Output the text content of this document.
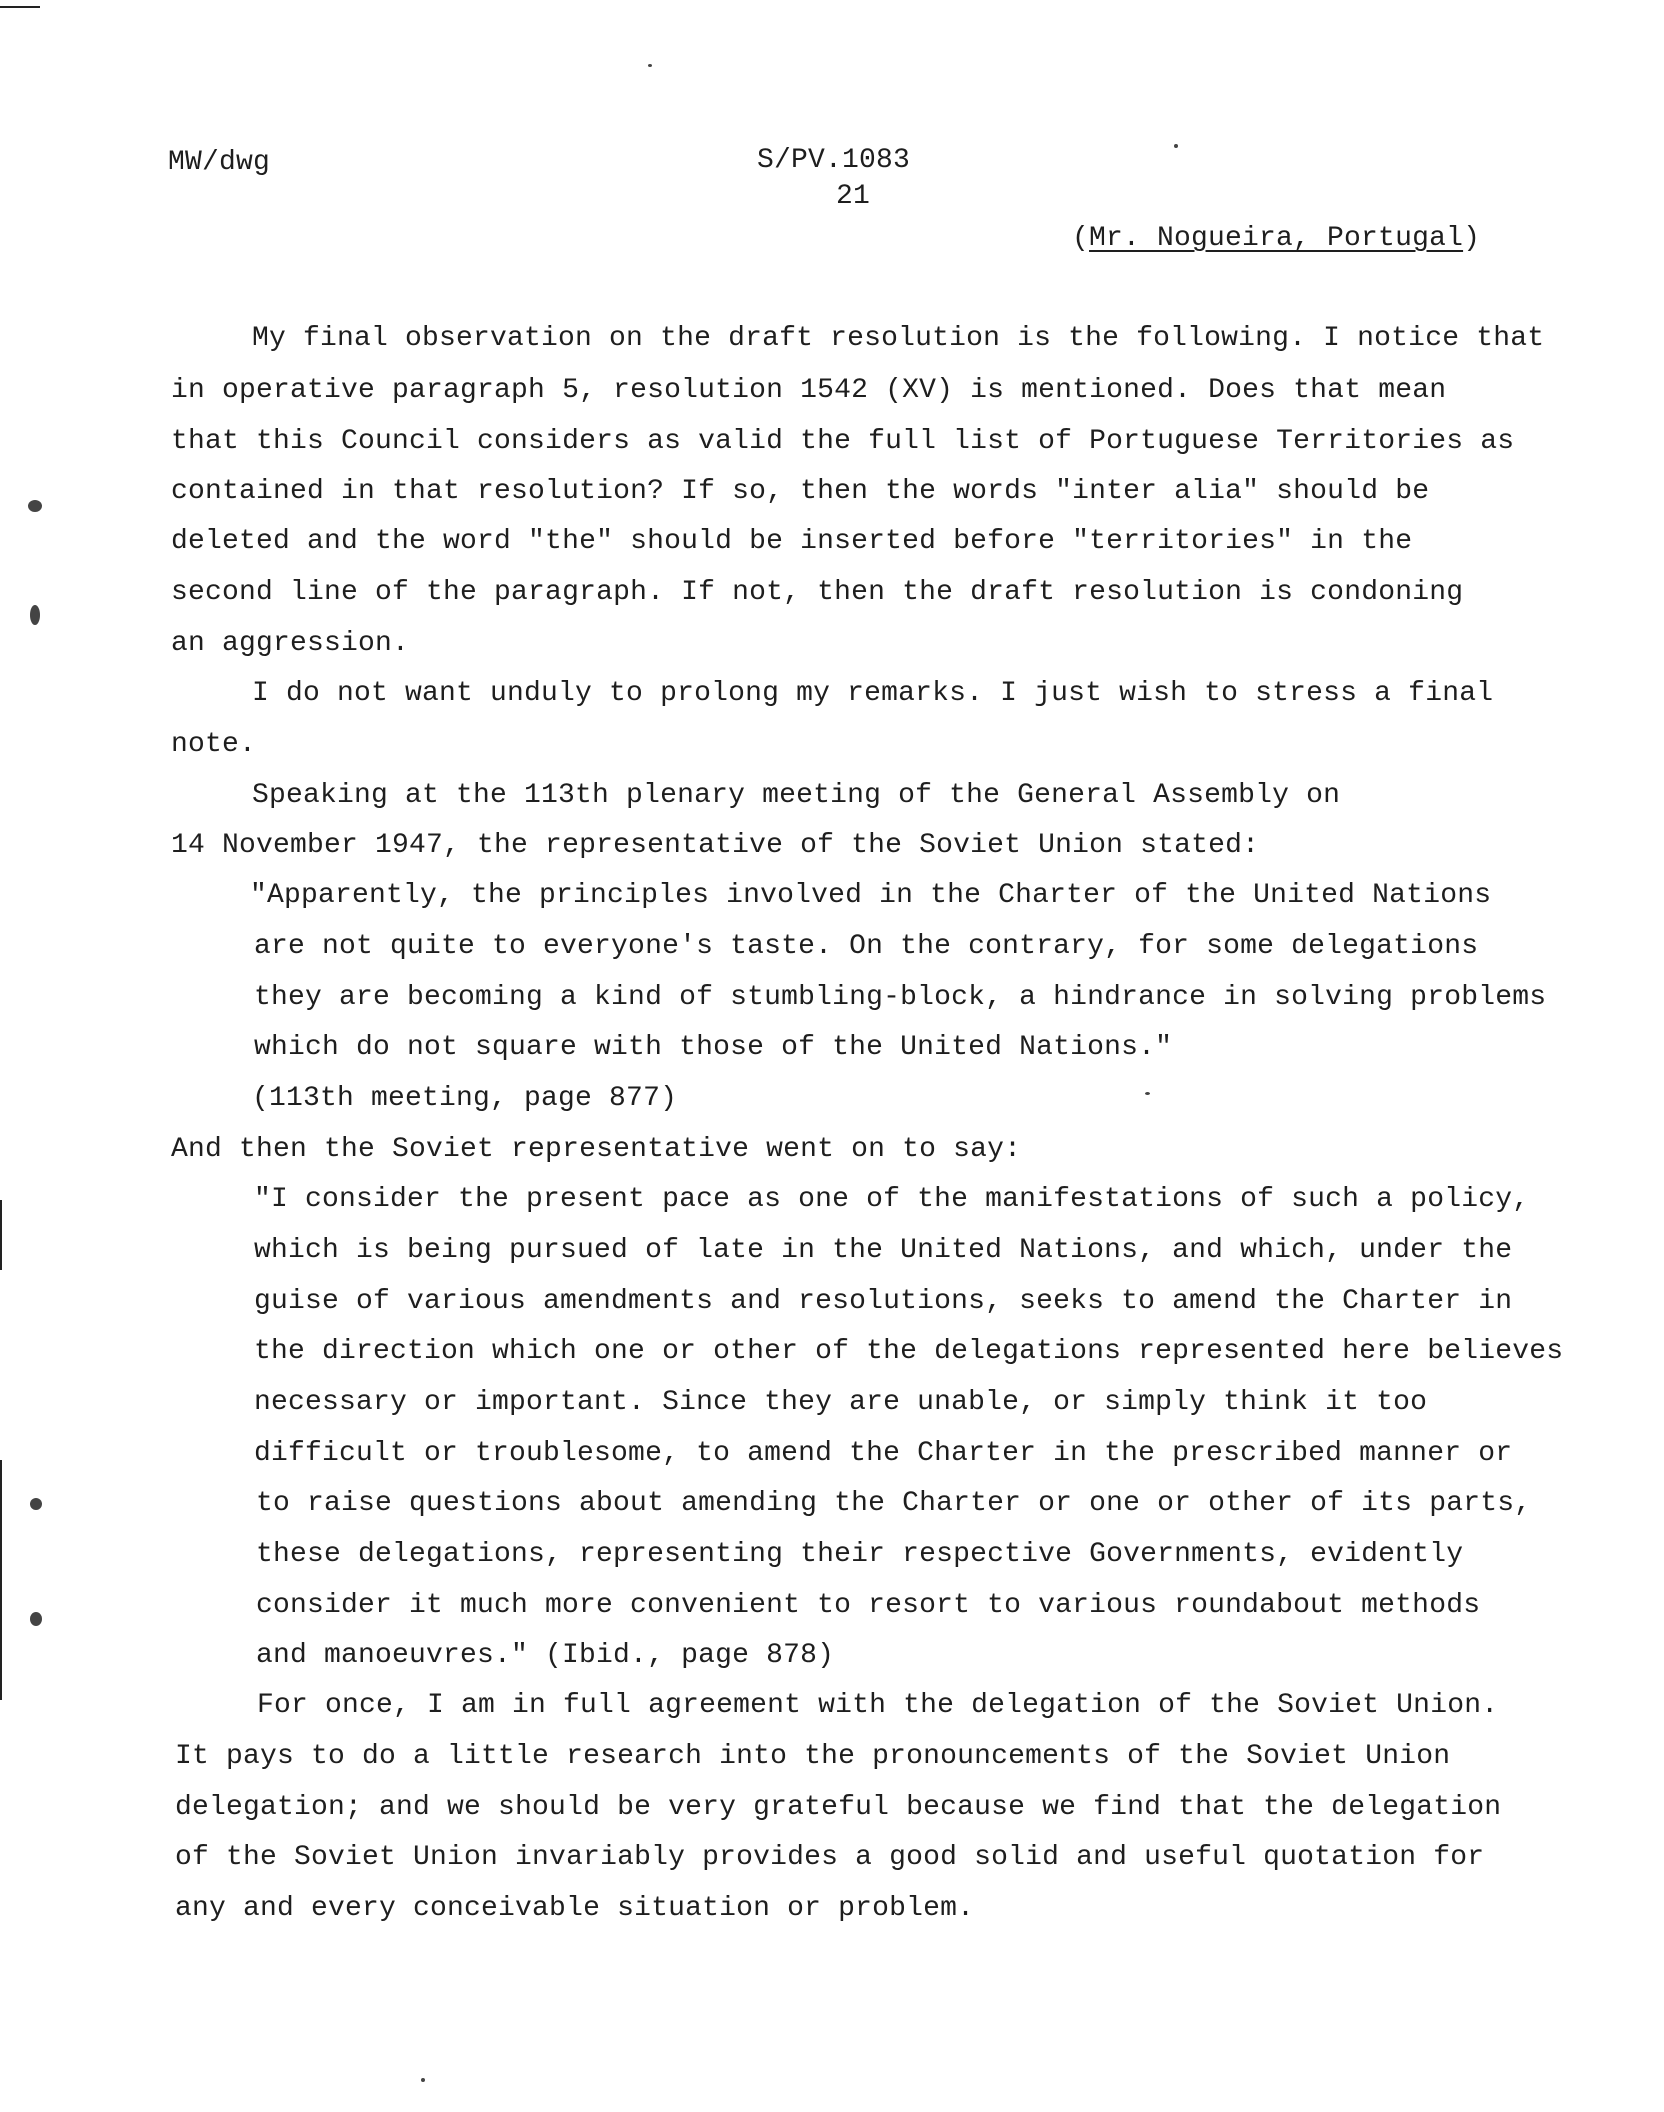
MW/dwg	S/PV.1083
21
(Mr. Nogueira, Portugal)
My final observation on the draft resolution is the following. I notice that
in operative paragraph 5, resolution 1542 (XV) is mentioned. Does that mean
that this Council considers as valid the full list of Portuguese Territories as
contained in that resolution? If so, then the words "inter alia" should be
deleted and the word "the" should be inserted before "territories" in the
second line of the paragraph. If not, then the draft resolution is condoning
an aggression.
I do not want unduly to prolong my remarks. I just wish to stress a final
note.
Speaking at the 113th plenary meeting of the General Assembly on
14 November 1947, the representative of the Soviet Union stated:
"Apparently, the principles involved in the Charter of the United Nations
are not quite to everyone's taste. On the contrary, for some delegations
they are becoming a kind of stumbling-block, a hindrance in solving problems
which do not square with those of the United Nations."
(113th meeting, page 877)
And then the Soviet representative went on to say:
"I consider the present pace as one of the manifestations of such a policy,
which is being pursued of late in the United Nations, and which, under the
guise of various amendments and resolutions, seeks to amend the Charter in
the direction which one or other of the delegations represented here believes
necessary or important. Since they are unable, or simply think it too
difficult or troublesome, to amend the Charter in the prescribed manner or
to raise questions about amending the Charter or one or other of its parts,
these delegations, representing their respective Governments, evidently
consider it much more convenient to resort to various roundabout methods
and manoeuvres." (Ibid., page 878)
For once, I am in full agreement with the delegation of the Soviet Union.
It pays to do a little research into the pronouncements of the Soviet Union
delegation; and we should be very grateful because we find that the delegation
of the Soviet Union invariably provides a good solid and useful quotation for
any and every conceivable situation or problem.
